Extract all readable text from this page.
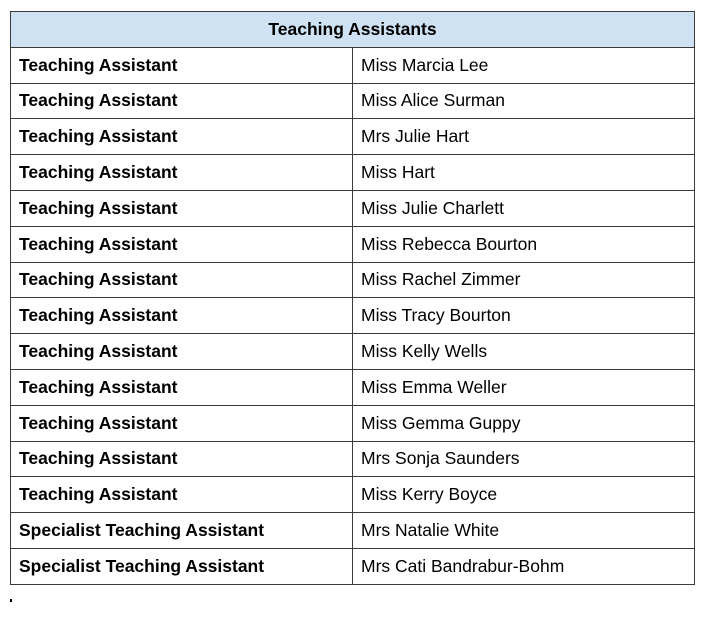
Teaching Assistants	
Teaching Assistant	Miss Marcia Lee
Teaching Assistant	Miss Alice Surman
Teaching Assistant	Mrs Julie Hart
Teaching Assistant	Miss Hart
Teaching Assistant	Miss Julie Charlett
Teaching Assistant	Miss Rebecca Bourton
Teaching Assistant	Miss Rachel Zimmer
Teaching Assistant	Miss Tracy Bourton
Teaching Assistant	Miss Kelly Wells
Teaching Assistant	Miss Emma Weller
Teaching Assistant	Miss Gemma Guppy
Teaching Assistant	Mrs Sonja Saunders
Teaching Assistant	Miss Kerry Boyce
Specialist Teaching Assistant	Mrs Natalie White
Specialist Teaching Assistant	Mrs Cati Bandrabur-Bohm
